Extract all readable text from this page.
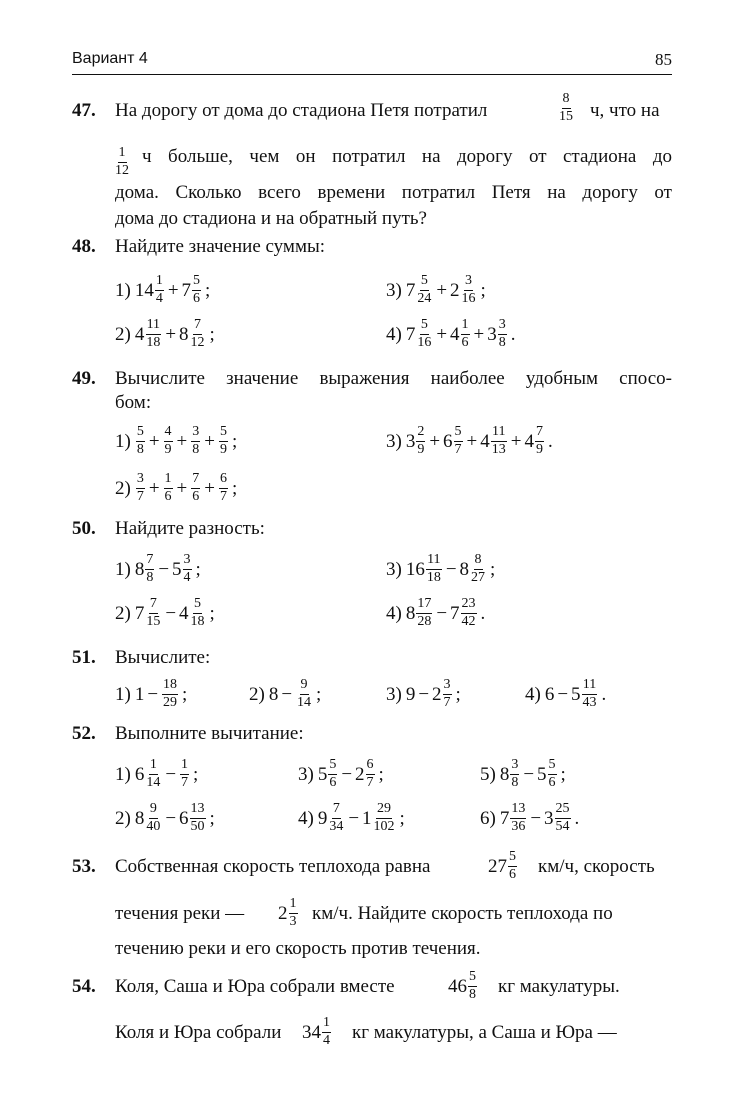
Вариант 4	85
47. На дорогу от дома до стадиона Петя потратил	$\frac{8}{15} ч$, что на
$\frac{1}{12}$ ч больше, чем он потратил на дорогу от стадиона до
дома. Сколько всего времени потратил Петя на дорогу от
дома до стадиона и на обратный путь?
48. Найдите значение суммы:
1) $14 \frac{1}{4} + 7 \frac{5}{6}$ ;	3) $7 \frac{5}{24} + 2 \frac{3}{16}$ ;
2) $4 \frac{11}{18} + 8 \frac{7}{12}$ ;	4) $7 \frac{5}{16} + 4 \frac{1}{6} + 3 \frac{3}{8}$ .
49. Вычислите значение выражения наиболее удобным спосо-
бом:
$1) \frac{5}{8} + \frac{4}{9} + \frac{3}{8} + \frac{5}{9}$ ;	3) $3 \frac{2}{9} + 6 \frac{5}{7} + 4 \frac{11}{13} + 4 \frac{7}{9}$ .
$2) \frac{3}{7} + \frac{1}{6} + \frac{7}{6} + \frac{6}{7}$ ;
50. Найдите разность:
1) $8 \frac{7}{8} - 5 \frac{3}{4}$ ;	3) $16 \frac{11}{18} - 8 \frac{8}{27}$ ;
2) $7 \frac{7}{15} - 4 \frac{5}{18}$ ;	4) $8 \frac{17}{28} - 7 \frac{23}{42}$ .
51. Вычислите:
1) $1 - \frac{18}{29}$ ;	2) $8 - \frac{9}{14}$ ;	3) $9 - 2 \frac{3}{7}$ ;	4) $6 - 5 \frac{11}{43}$ .
52. Выполните вычитание:
1) $6 \frac{1}{14} - \frac{1}{7}$ ;	3) $5 \frac{5}{6} - 2 \frac{6}{7}$ ;	5) $8 \frac{3}{8} - 5 \frac{5}{6}$ ;
2) $8 \frac{9}{40} - 6 \frac{13}{50}$ ;	4) $9 \frac{7}{34} - 1 \frac{29}{102}$ ;	6) $7 \frac{13}{36} - 3 \frac{25}{54}$ .
53. Собственная скорость теплохода равна	$27 \frac{5}{6} км/ч$, скорость
течения реки — $2 \frac{1}{3} км/ч$. Найдите скорость теплохода по
течению реки и его скорость против течения.
54. Коля, Саша и Юра собрали вместе	$46 \frac{5}{8}$ кг макулатуры.
Коля и Юра собрали $34 \frac{1}{4}$ кг макулатуры, а Саша и Юра —
